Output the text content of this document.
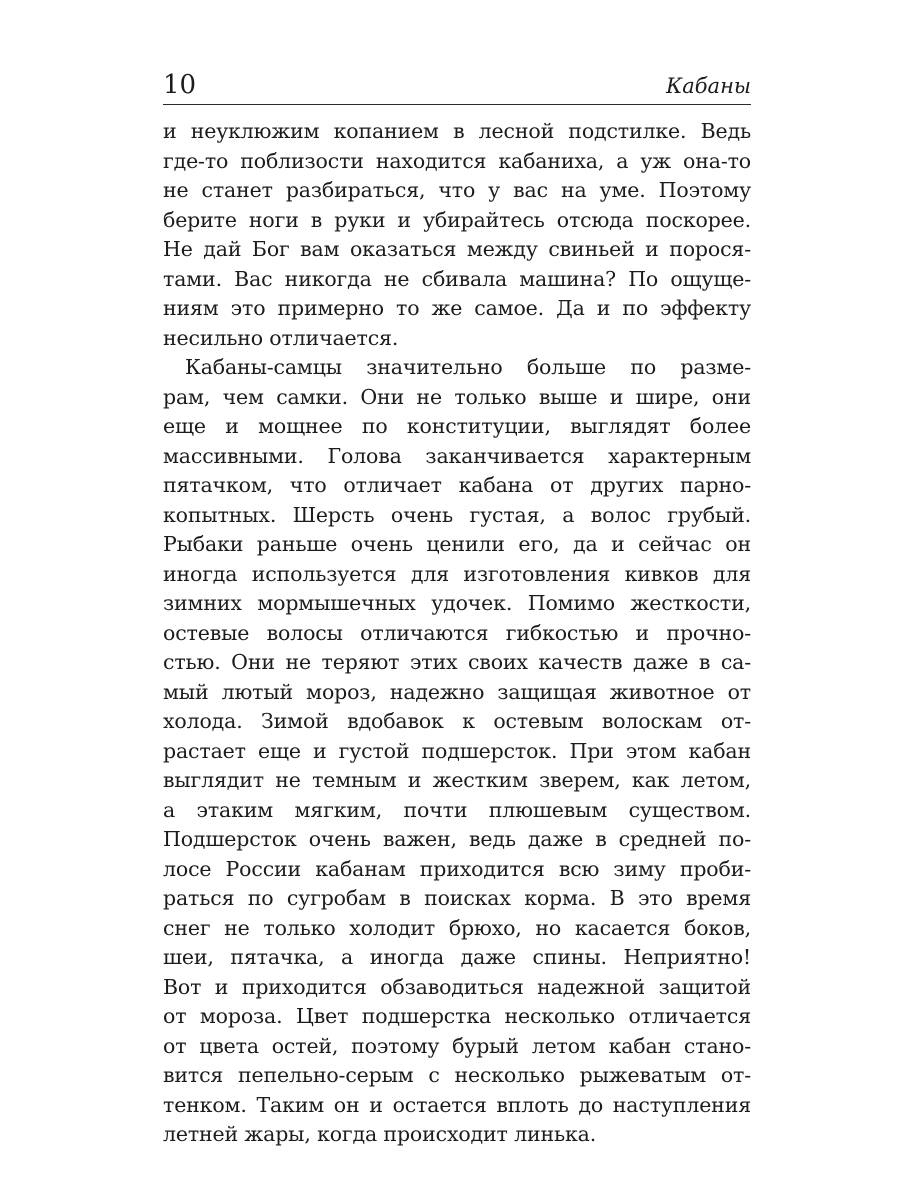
10	Кабаны
и неуклюжим копанием в лесной подстилке. Ведь
где-то поблизости находится кабаниха, а уж она-то
не станет разбираться, что у вас на уме. Поэтому
берите ноги в руки и убирайтесь отсюда поскорее.
Не дай Бог вам оказаться между свиньей и порося-
тами. Вас никогда не сбивала машина? По ощуще-
ниям это примерно то же самое. Да и по эффекту
несильно отличается.
Кабаны-самцы значительно больше по разме-
рам, чем самки. Они не только выше и шире, они
еще и мощнее по конституции, выглядят более
массивными. Голова заканчивается характерным
пятачком, что отличает кабана от других парно-
копытных. Шерсть очень густая, а волос грубый.
Рыбаки раньше очень ценили его, да и сейчас он
иногда используется для изготовления кивков для
зимних мормышечных удочек. Помимо жесткости,
остевые волосы отличаются гибкостью и прочно-
стью. Они не теряют этих своих качеств даже в са-
мый лютый мороз, надежно защищая животное от
холода. Зимой вдобавок к остевым волоскам от-
растает еще и густой подшерсток. При этом кабан
выглядит не темным и жестким зверем, как летом,
а этаким мягким, почти плюшевым существом.
Подшерсток очень важен, ведь даже в средней по-
лосе России кабанам приходится всю зиму проби-
раться по сугробам в поисках корма. В это время
снег не только холодит брюхо, но касается боков,
шеи, пятачка, а иногда даже спины. Неприятно!
Вот и приходится обзаводиться надежной защитой
от мороза. Цвет подшерстка несколько отличается
от цвета остей, поэтому бурый летом кабан стано-
вится пепельно-серым с несколько рыжеватым от-
тенком. Таким он и остается вплоть до наступления
летней жары, когда происходит линька.
